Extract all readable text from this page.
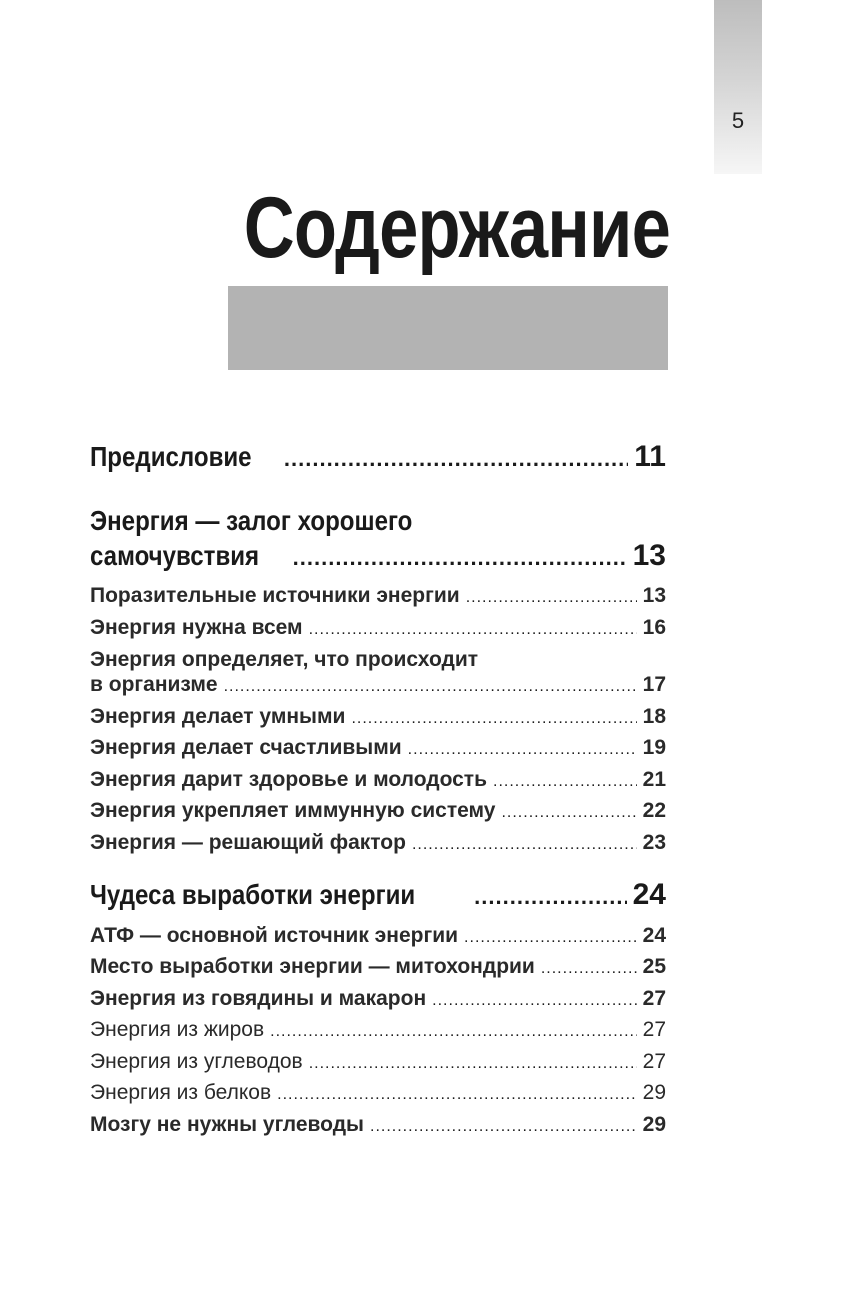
5
Содержание
Предисловие .....	11
Энергия — залог хорошего
самочувствия .....	13
Поразительные источники энергии .....	13
Энергия нужна всем .....	16
Энергия определяет, что происходит
в организме .....	17
Энергия делает умными .....	18
Энергия делает счастливыми .....	19
Энергия дарит здоровье и молодость .....	21
Энергия укрепляет иммунную систему .....	22
Энергия — решающий фактор .....	23
Чудеса выработки энергии .....	24
АТФ — основной источник энергии .....	24
Место выработки энергии — митохондрии .....	25
Энергия из говядины и макарон .....	27
Энергия из жиров .....	27
Энергия из углеводов .....	27
Энергия из белков .....	29
Мозгу не нужны углеводы .....	29
